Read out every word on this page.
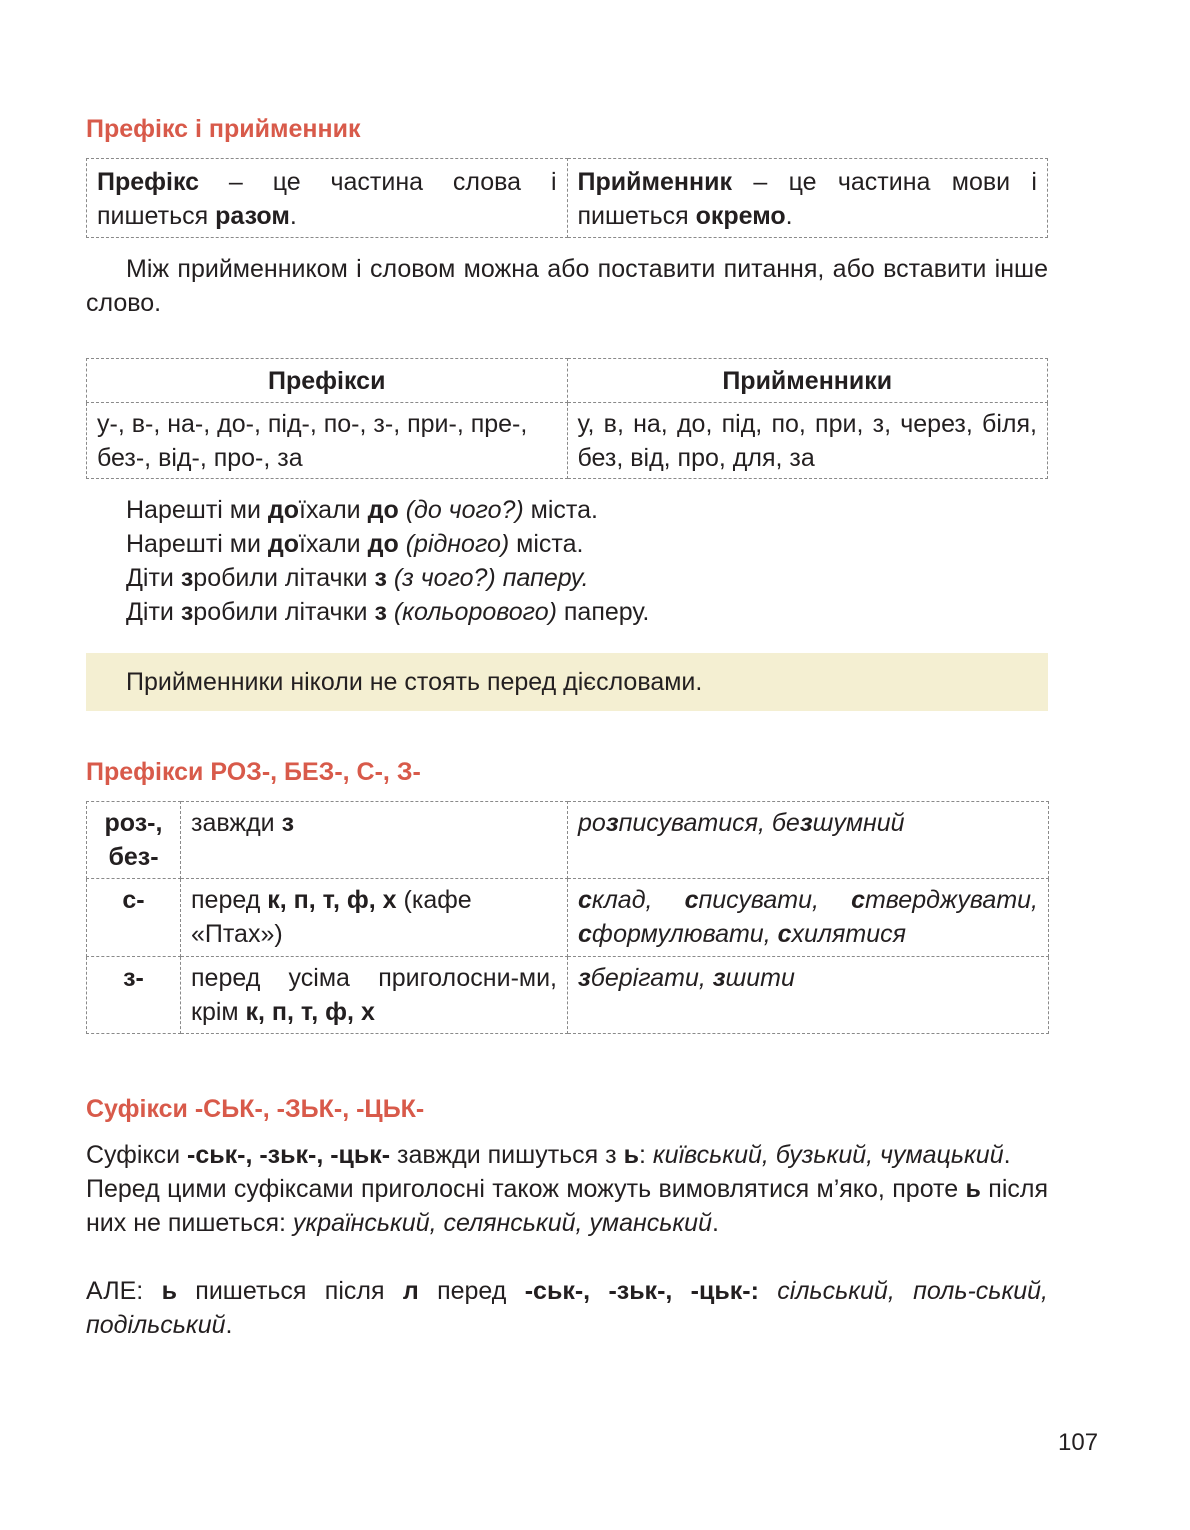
Префікс і прийменник
Префікс – це частина слова і пишеться разом.	Прийменник – це частина мови і пишеться окремо.

Між прийменником і словом можна або поставити питання, або вставити інше слово.

Префікси	Прийменники
у-, в-, на-, до-, під-, по-, з-, при-, пре-, без-, від-, про-, за	у, в, на, до, під, по, при, з, через, біля, без, від, про, для, за
Нарешті ми доїхали до (до чого?) міста.
Нарешті ми доїхали до (рідного) міста.
Діти зробили літачки з (з чого?) паперу.
Діти зробили літачки з (кольорового) паперу.
Прийменники ніколи не стоять перед дієсловами.
Префікси РОЗ-, БЕЗ-, С-, З-
роз-, без-	завжди з	розписуватися, безшумний
с-	перед к, п, т, ф, х (кафе «Птах»)	склад, списувати, стверджувати, сформулювати, схилятися
з-	перед усіма приголосни-ми, крім к, п, т, ф, х	зберігати, зшити
Суфікси -СЬК-, -ЗЬК-, -ЦЬК-

Суфікси -ськ-, -зьк-, -цьк- завжди пишуться з ь: київський, бузький, чумацький.

Перед цими суфіксами приголосні також можуть вимовлятися м’яко, проте ь після них не пишеться: український, селянський, уманський.

АЛЕ: ь пишеться після л перед -ськ-, -зьк-, -цьк-: сільський, поль-ський, подільський.

107
